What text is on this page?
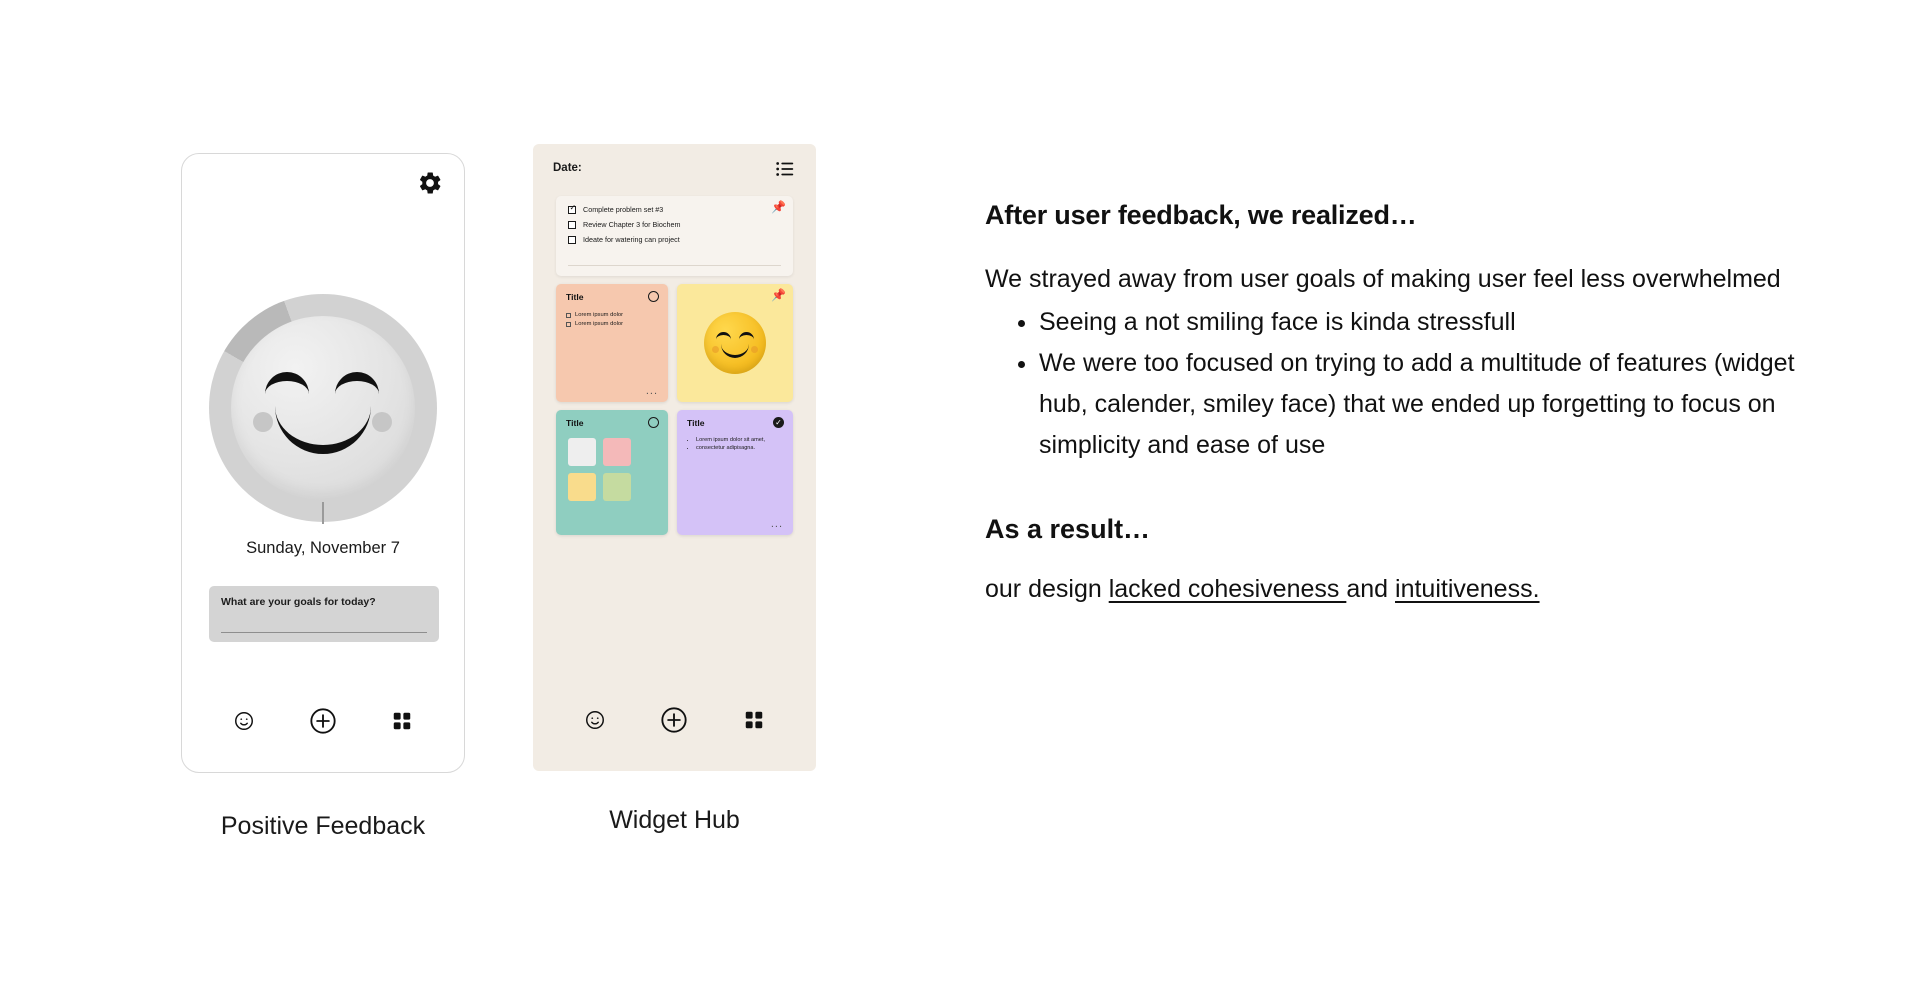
Sunday, November 7
What are your goals for today?
Positive Feedback
Date:
📌
✓
Complete problem set #3
Review Chapter 3 for Biochem
Ideate for watering can project
Title
Lorem ipsum dolor
Lorem ipsum dolor
...
📌
Title	Title	✓
• Lorem ipsum dolor sit amet,
• consectetur adipisagna.
...
Widget Hub
After user feedback, we realized…

We strayed away from user goals of making user feel less overwhelmed

• Seeing a not smiling face is kinda stressfull
• We were too focused on trying to add a multitude of features (widget hub, calender, smiley face) that we ended up forgetting to focus on simplicity and ease of use
As a result…

our design lacked cohesiveness and intuitiveness.
